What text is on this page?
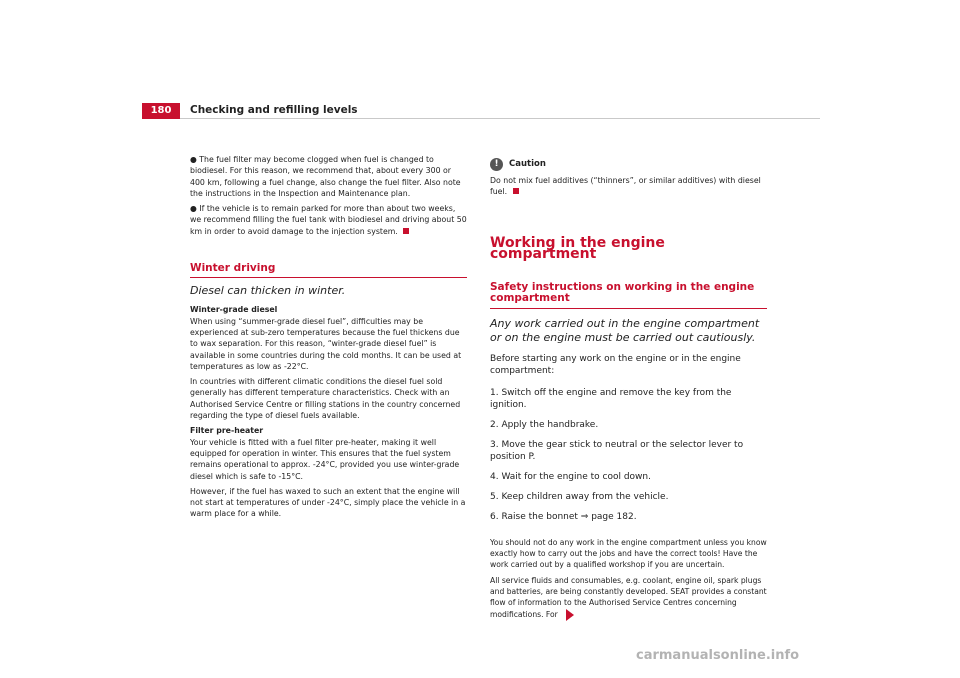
180	Checking and refilling levels

● The fuel filter may become clogged when fuel is changed to biodiesel. For this reason, we recommend that, about every 300 or 400 km, following a fuel change, also change the fuel filter. Also note the instructions in the Inspection and Maintenance plan.

● If the vehicle is to remain parked for more than about two weeks, we recommend filling the fuel tank with biodiesel and driving about 50 km in order to avoid damage to the injection system.

Winter driving
Diesel can thicken in winter.

Winter-grade diesel

When using “summer-grade diesel fuel”, difficulties may be experienced at sub-zero temperatures because the fuel thickens due to wax separation. For this reason, “winter-grade diesel fuel” is available in some countries during the cold months. It can be used at temperatures as low as -22°C.

In countries with different climatic conditions the diesel fuel sold generally has different temperature characteristics. Check with an Authorised Service Centre or filling stations in the country concerned regarding the type of diesel fuels available.

Filter pre-heater

Your vehicle is fitted with a fuel filter pre-heater, making it well equipped for operation in winter. This ensures that the fuel system remains operational to approx. -24°C, provided you use winter-grade diesel which is safe to -15°C.

However, if the fuel has waxed to such an extent that the engine will not start at temperatures of under -24°C, simply place the vehicle in a warm place for a while.

!	Caution

Do not mix fuel additives (“thinners”, or similar additives) with diesel fuel.

Working in the engine compartment
Safety instructions on working in the engine compartment
Any work carried out in the engine compartment or on the engine must be carried out cautiously.
Before starting any work on the engine or in the engine compartment:
1. Switch off the engine and remove the key from the ignition.
2. Apply the handbrake.
3. Move the gear stick to neutral or the selector lever to position P.
4. Wait for the engine to cool down.
5. Keep children away from the vehicle.
6. Raise the bonnet ⇒ page 182.

You should not do any work in the engine compartment unless you know exactly how to carry out the jobs and have the correct tools! Have the work carried out by a qualified workshop if you are uncertain.

All service fluids and consumables, e.g. coolant, engine oil, spark plugs and batteries, are being constantly developed. SEAT provides a constant flow of information to the Authorised Service Centres concerning modifications. For

carmanualsonline.info
